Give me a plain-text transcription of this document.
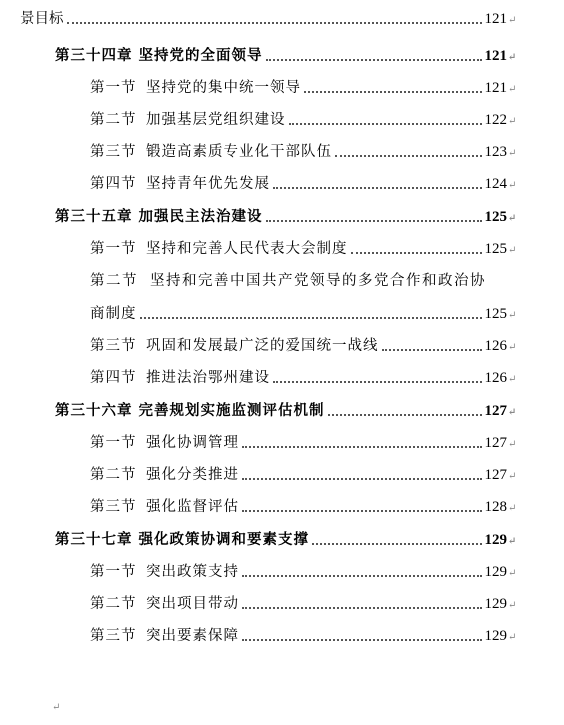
景目标	121 ↵
第三十四章 坚持党的全面领导	121 ↵
第一节 坚持党的集中统一领导	121 ↵
第二节 加强基层党组织建设	122 ↵
第三节 锻造高素质专业化干部队伍	123 ↵
第四节 坚持青年优先发展	124 ↵
第三十五章 加强民主法治建设	125 ↵
第一节 坚持和完善人民代表大会制度	125 ↵
第二节 坚持和完善中国共产党领导的多党合作和政治协
商制度	125 ↵
第三节 巩固和发展最广泛的爱国统一战线	126 ↵
第四节 推进法治鄂州建设	126 ↵
第三十六章 完善规划实施监测评估机制	127 ↵
第一节 强化协调管理	127 ↵
第二节 强化分类推进	127 ↵
第三节 强化监督评估	128 ↵
第三十七章 强化政策协调和要素支撑	129 ↵
第一节 突出政策支持	129 ↵
第二节 突出项目带动	129 ↵
第三节 突出要素保障	129 ↵
↵
